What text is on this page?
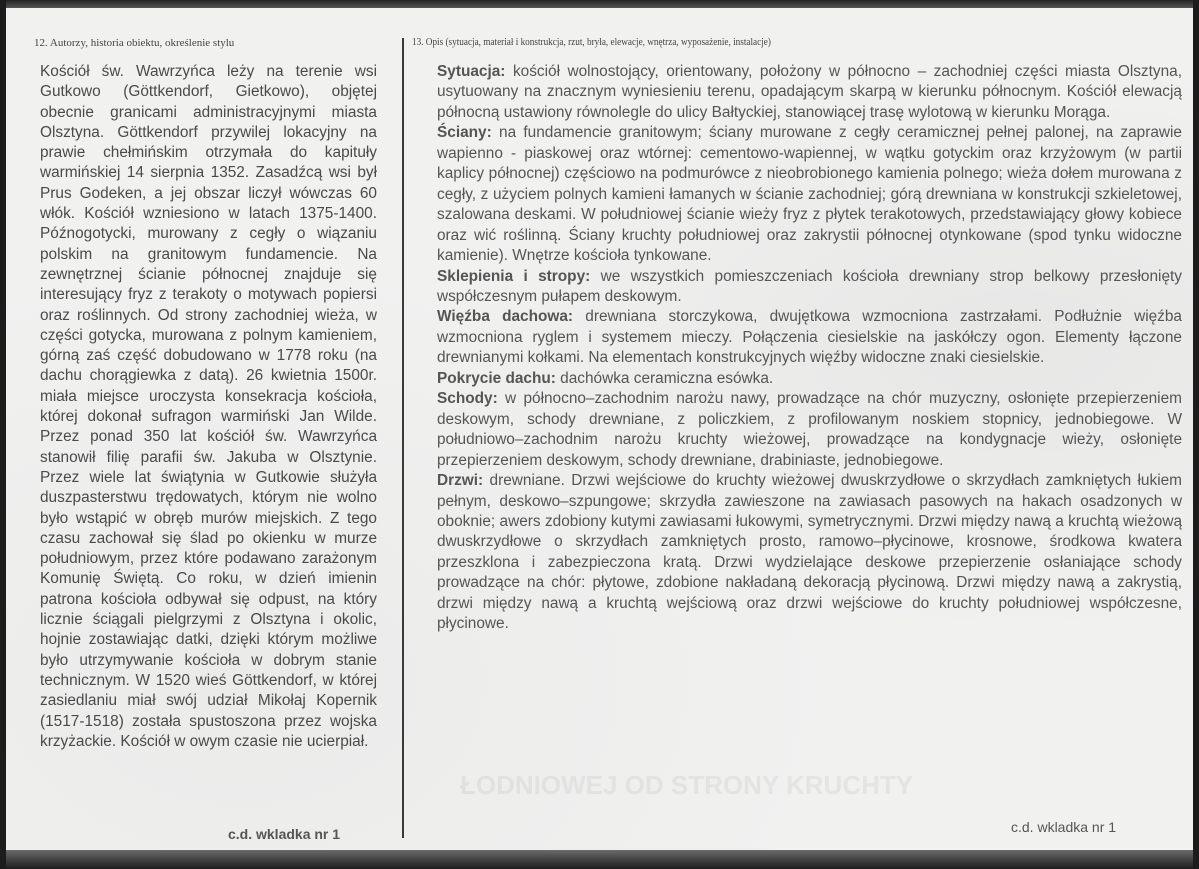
12. Autorzy, historia obiektu, określenie stylu	13. Opis (sytuacja, materiał i konstrukcja, rzut, bryła, elewacje, wnętrza, wyposażenie, instalacje)

Kościół św. Wawrzyńca leży na terenie wsi Gutkowo (Göttkendorf, Gietkowo), objętej obecnie granicami administracyjnymi miasta Olsztyna. Göttkendorf przywilej lokacyjny na prawie chełmińskim otrzymała do kapituły warmińskiej 14 sierpnia 1352. Zasadźcą wsi był Prus Godeken, a jej obszar liczył wówczas 60 włók. Kościół wzniesiono w latach 1375-1400. Późnogotycki, murowany z cegły o wiązaniu polskim na granitowym fundamencie. Na zewnętrznej ścianie północnej znajduje się interesujący fryz z terakoty o motywach popiersi oraz roślinnych. Od strony zachodniej wieża, w części gotycka, murowana z polnym kamieniem, górną zaś część dobudowano w 1778 roku (na dachu chorągiewka z datą). 26 kwietnia 1500r. miała miejsce uroczysta konsekracja kościoła, której dokonał sufragon warmiński Jan Wilde. Przez ponad 350 lat kościół św. Wawrzyńca stanowił filię parafii św. Jakuba w Olsztynie. Przez wiele lat świątynia w Gutkowie służyła duszpasterstwu trędowatych, którym nie wolno było wstąpić w obręb murów miejskich. Z tego czasu zachował się ślad po okienku w murze południowym, przez które podawano zarażonym Komunię Świętą. Co roku, w dzień imienin patrona kościoła odbywał się odpust, na który licznie ściągali pielgrzymi z Olsztyna i okolic, hojnie zostawiając datki, dzięki którym możliwe było utrzymywanie kościoła w dobrym stanie technicznym. W 1520 wieś Göttkendorf, w której zasiedlaniu miał swój udział Mikołaj Kopernik (1517-1518) została spustoszona przez wojska krzyżackie. Kościół w owym czasie nie ucierpiał.

Sytuacja: kościół wolnostojący, orientowany, położony w północno – zachodniej części miasta Olsztyna, usytuowany na znacznym wyniesieniu terenu, opadającym skarpą w kierunku północnym. Kościół elewacją północną ustawiony równolegle do ulicy Bałtyckiej, stanowiącej trasę wylotową w kierunku Morąga.

Ściany: na fundamencie granitowym; ściany murowane z cegły ceramicznej pełnej palonej, na zaprawie wapienno - piaskowej oraz wtórnej: cementowo-wapiennej, w wątku gotyckim oraz krzyżowym (w partii kaplicy północnej) częściowo na podmurówce z nieobrobionego kamienia polnego; wieża dołem murowana z cegły, z użyciem polnych kamieni łamanych w ścianie zachodniej; górą drewniana w konstrukcji szkieletowej, szalowana deskami. W południowej ścianie wieży fryz z płytek terakotowych, przedstawiający głowy kobiece oraz wić roślinną. Ściany kruchty południowej oraz zakrystii północnej otynkowane (spod tynku widoczne kamienie). Wnętrze kościoła tynkowane.

Sklepienia i stropy: we wszystkich pomieszczeniach kościoła drewniany strop belkowy przesłonięty współczesnym pułapem deskowym.

Więźba dachowa: drewniana storczykowa, dwujętkowa wzmocniona zastrzałami. Podłużnie więźba wzmocniona ryglem i systemem mieczy. Połączenia ciesielskie na jaskółczy ogon. Elementy łączone drewnianymi kołkami. Na elementach konstrukcyjnych więźby widoczne znaki ciesielskie.

Pokrycie dachu: dachówka ceramiczna esówka.

Schody: w północno–zachodnim narożu nawy, prowadzące na chór muzyczny, osłonięte przepierzeniem deskowym, schody drewniane, z policzkiem, z profilowanym noskiem stopnicy, jednobiegowe. W południowo–zachodnim narożu kruchty wieżowej, prowadzące na kondygnacje wieży, osłonięte przepierzeniem deskowym, schody drewniane, drabiniaste, jednobiegowe.

Drzwi: drewniane. Drzwi wejściowe do kruchty wieżowej dwuskrzydłowe o skrzydłach zamkniętych łukiem pełnym, deskowo–szpungowe; skrzydła zawieszone na zawiasach pasowych na hakach osadzonych w oboknie; awers zdobiony kutymi zawiasami łukowymi, symetrycznymi. Drzwi między nawą a kruchtą wieżową dwuskrzydłowe o skrzydłach zamkniętych prosto, ramowo–płycinowe, krosnowe, środkowa kwatera przeszklona i zabezpieczona kratą. Drzwi wydzielające deskowe przepierzenie osłaniające schody prowadzące na chór: płytowe, zdobione nakładaną dekoracją płycinową. Drzwi między nawą a zakrystią, drzwi między nawą a kruchtą wejściową oraz drzwi wejściowe do kruchty południowej współczesne, płycinowe.

c.d. wkladka nr 1	c.d. wkladka nr 1
